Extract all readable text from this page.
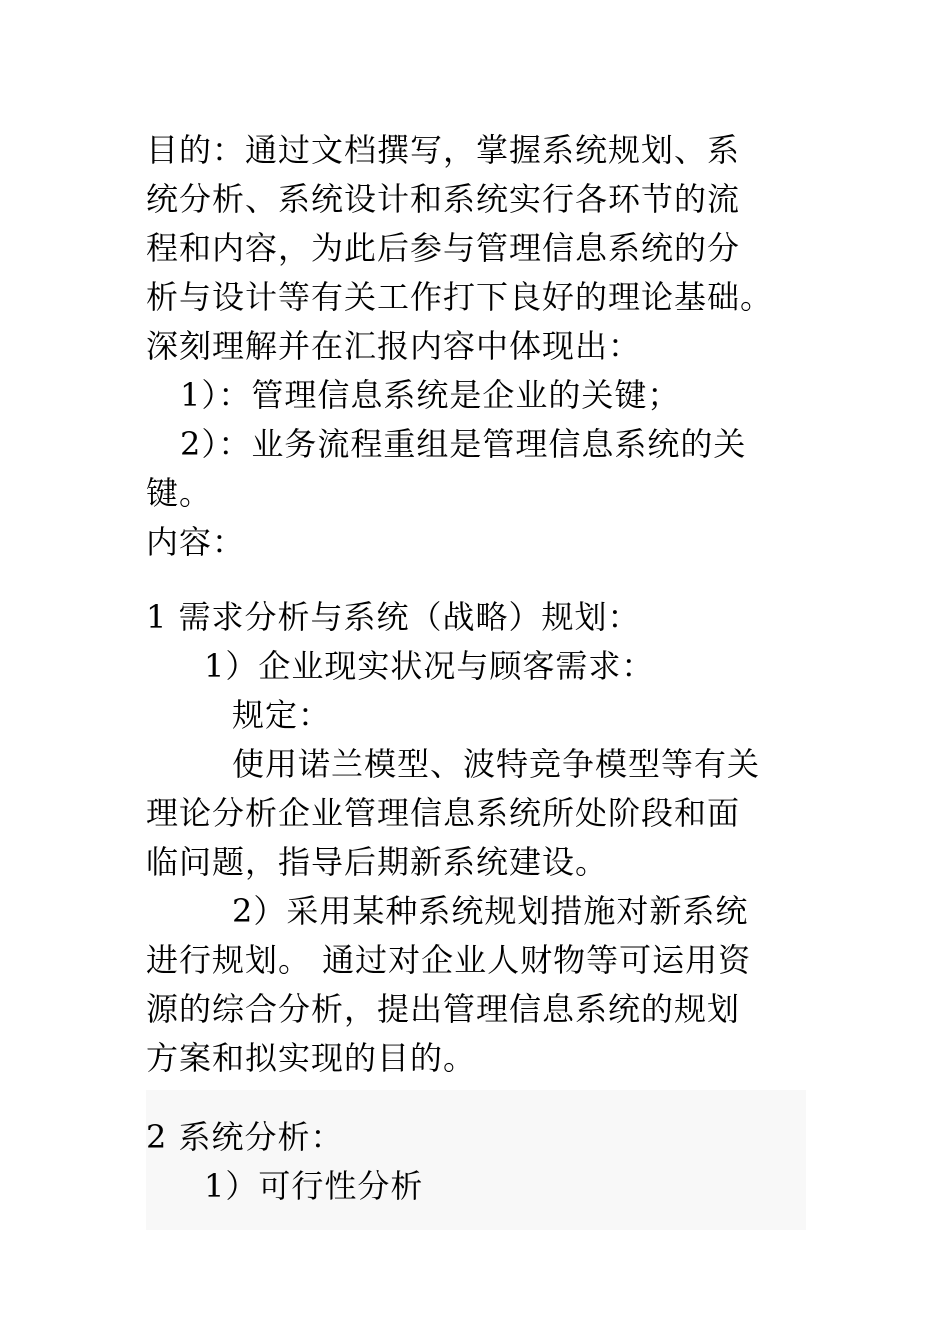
目的：通过文档撰写，掌握系统规划、系
统分析、系统设计和系统实行各环节的流
程和内容，为此后参与管理信息系统的分
析与设计等有关工作打下良好的理论基础。
深刻理解并在汇报内容中体现出：
1）：管理信息系统是企业的关键；
2）：业务流程重组是管理信息系统的关
键。
内容：
1 需求分析与系统（战略）规划：
1）企业现实状况与顾客需求：
规定：
使用诺兰模型、波特竞争模型等有关
理论分析企业管理信息系统所处阶段和面
临问题，指导后期新系统建设。
2）采用某种系统规划措施对新系统
进行规划。 通过对企业人财物等可运用资
源的综合分析，提出管理信息系统的规划
方案和拟实现的目的。
2 系统分析：
1）可行性分析
